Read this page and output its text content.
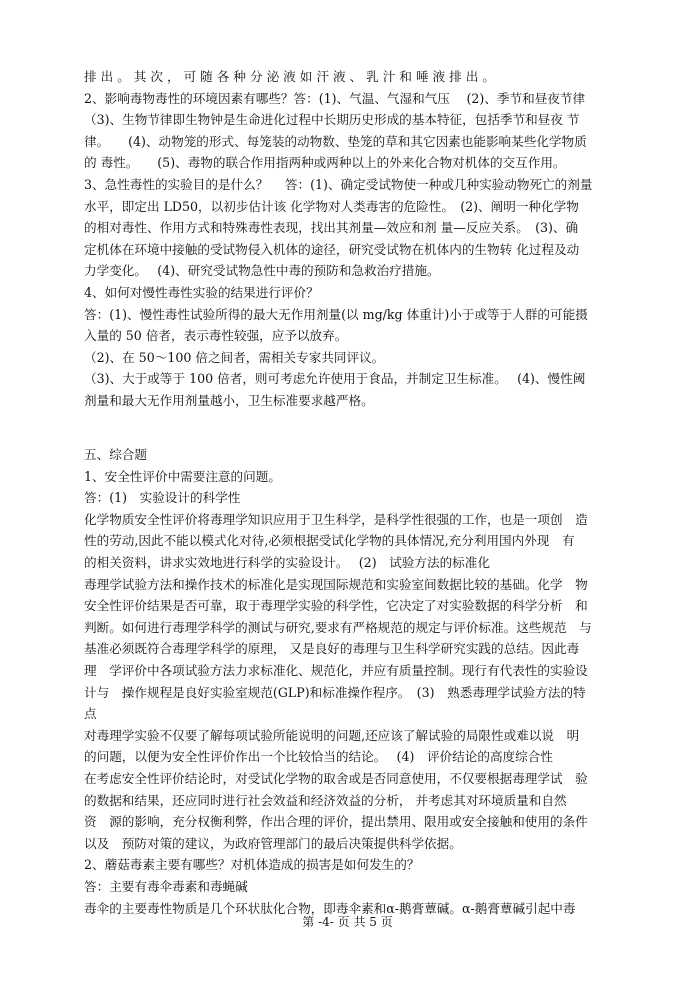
排 出 。 其 次 ， 可 随 各 种 分 泌 液 如 汗 液 、 乳 汁 和 唾 液 排 出 。
2、影响毒物毒性的环境因素有哪些？答：(1)、气温、气湿和气压　 (2)、季节和昼夜节律
（3)、生物节律即生物钟是生命进化过程中长期历史形成的基本特征，包括季节和昼夜 节
律。　　(4)、动物笼的形式、每笼装的动物数、垫笼的草和其它因素也能影响某些化学物质
的 毒性。　　(5)、毒物的联合作用指两种或两种以上的外来化合物对机体的交互作用。
3、急性毒性的实验目的是什么？　 答：(1)、确定受试物使一种或几种实验动物死亡的剂量
水平，即定出 LD50，以初步估计该 化学物对人类毒害的危险性。　(2)、阐明一种化学物
的相对毒性、作用方式和特殊毒性表现，找出其剂量—效应和剂 量—反应关系。　(3)、确
定机体在环境中接触的受试物侵入机体的途径，研究受试物在机体内的生物转 化过程及动
力学变化。　 (4)、研究受试物急性中毒的预防和急救治疗措施。
4、如何对慢性毒性实验的结果进行评价？
答：(1)、慢性毒性试验所得的最大无作用剂量(以 mg/kg 体重计)小于或等于人群的可能摄
入量的 50 倍者，表示毒性较强，应予以放弃。
（2)、在 50～100 倍之间者，需相关专家共同评议。
（3)、大于或等于 100 倍者，则可考虑允许使用于食品，并制定卫生标准。　 (4)、慢性阈
剂量和最大无作用剂量越小，卫生标准要求越严格。
五、综合题
1、安全性评价中需要注意的问题。
答：(1)　实验设计的科学性
化学物质安全性评价将毒理学知识应用于卫生科学，是科学性很强的工作，也是一项创　造
性的劳动,因此不能以模式化对待,必须根据受试化学物的具体情况,充分利用国内外现　有
的相关资料，讲求实效地进行科学的实验设计。　 (2)　试验方法的标准化
毒理学试验方法和操作技术的标准化是实现国际规范和实验室间数据比较的基础。化学　物
安全性评价结果是否可靠，取于毒理学实验的科学性，它决定了对实验数据的科学分析　和
判断。如何进行毒理学科学的测试与研究,要求有严格规范的规定与评价标准。这些规范　与
基准必须既符合毒理学科学的原理， 又是良好的毒理与卫生科学研究实践的总结。因此毒
理　学评价中各项试验方法力求标准化、规范化，并应有质量控制。现行有代表性的实验设
计与　操作规程是良好实验室规范(GLP)和标准操作程序。　(3)　熟悉毒理学试验方法的特
点
对毒理学实验不仅要了解每项试验所能说明的问题,还应该了解试验的局限性或难以说　明
的问题，以便为安全性评价作出一个比较恰当的结论。　 (4)　评价结论的高度综合性
在考虑安全性评价结论时，对受试化学物的取舍或是否同意使用，不仅要根据毒理学试　验
的数据和结果，还应同时进行社会效益和经济效益的分析， 并考虑其对环境质量和自然
资　源的影响，充分权衡利弊，作出合理的评价，提出禁用、限用或安全接触和使用的条件
以及　预防对策的建议，为政府管理部门的最后决策提供科学依据。
2、蘑菇毒素主要有哪些？对机体造成的损害是如何发生的？
答：主要有毒伞毒素和毒蝇碱
毒伞的主要毒性物质是几个环状肽化合物，即毒伞素和α-鹅膏蕈碱。α-鹅膏蕈碱引起中毒
第 -4- 页 共 5 页
